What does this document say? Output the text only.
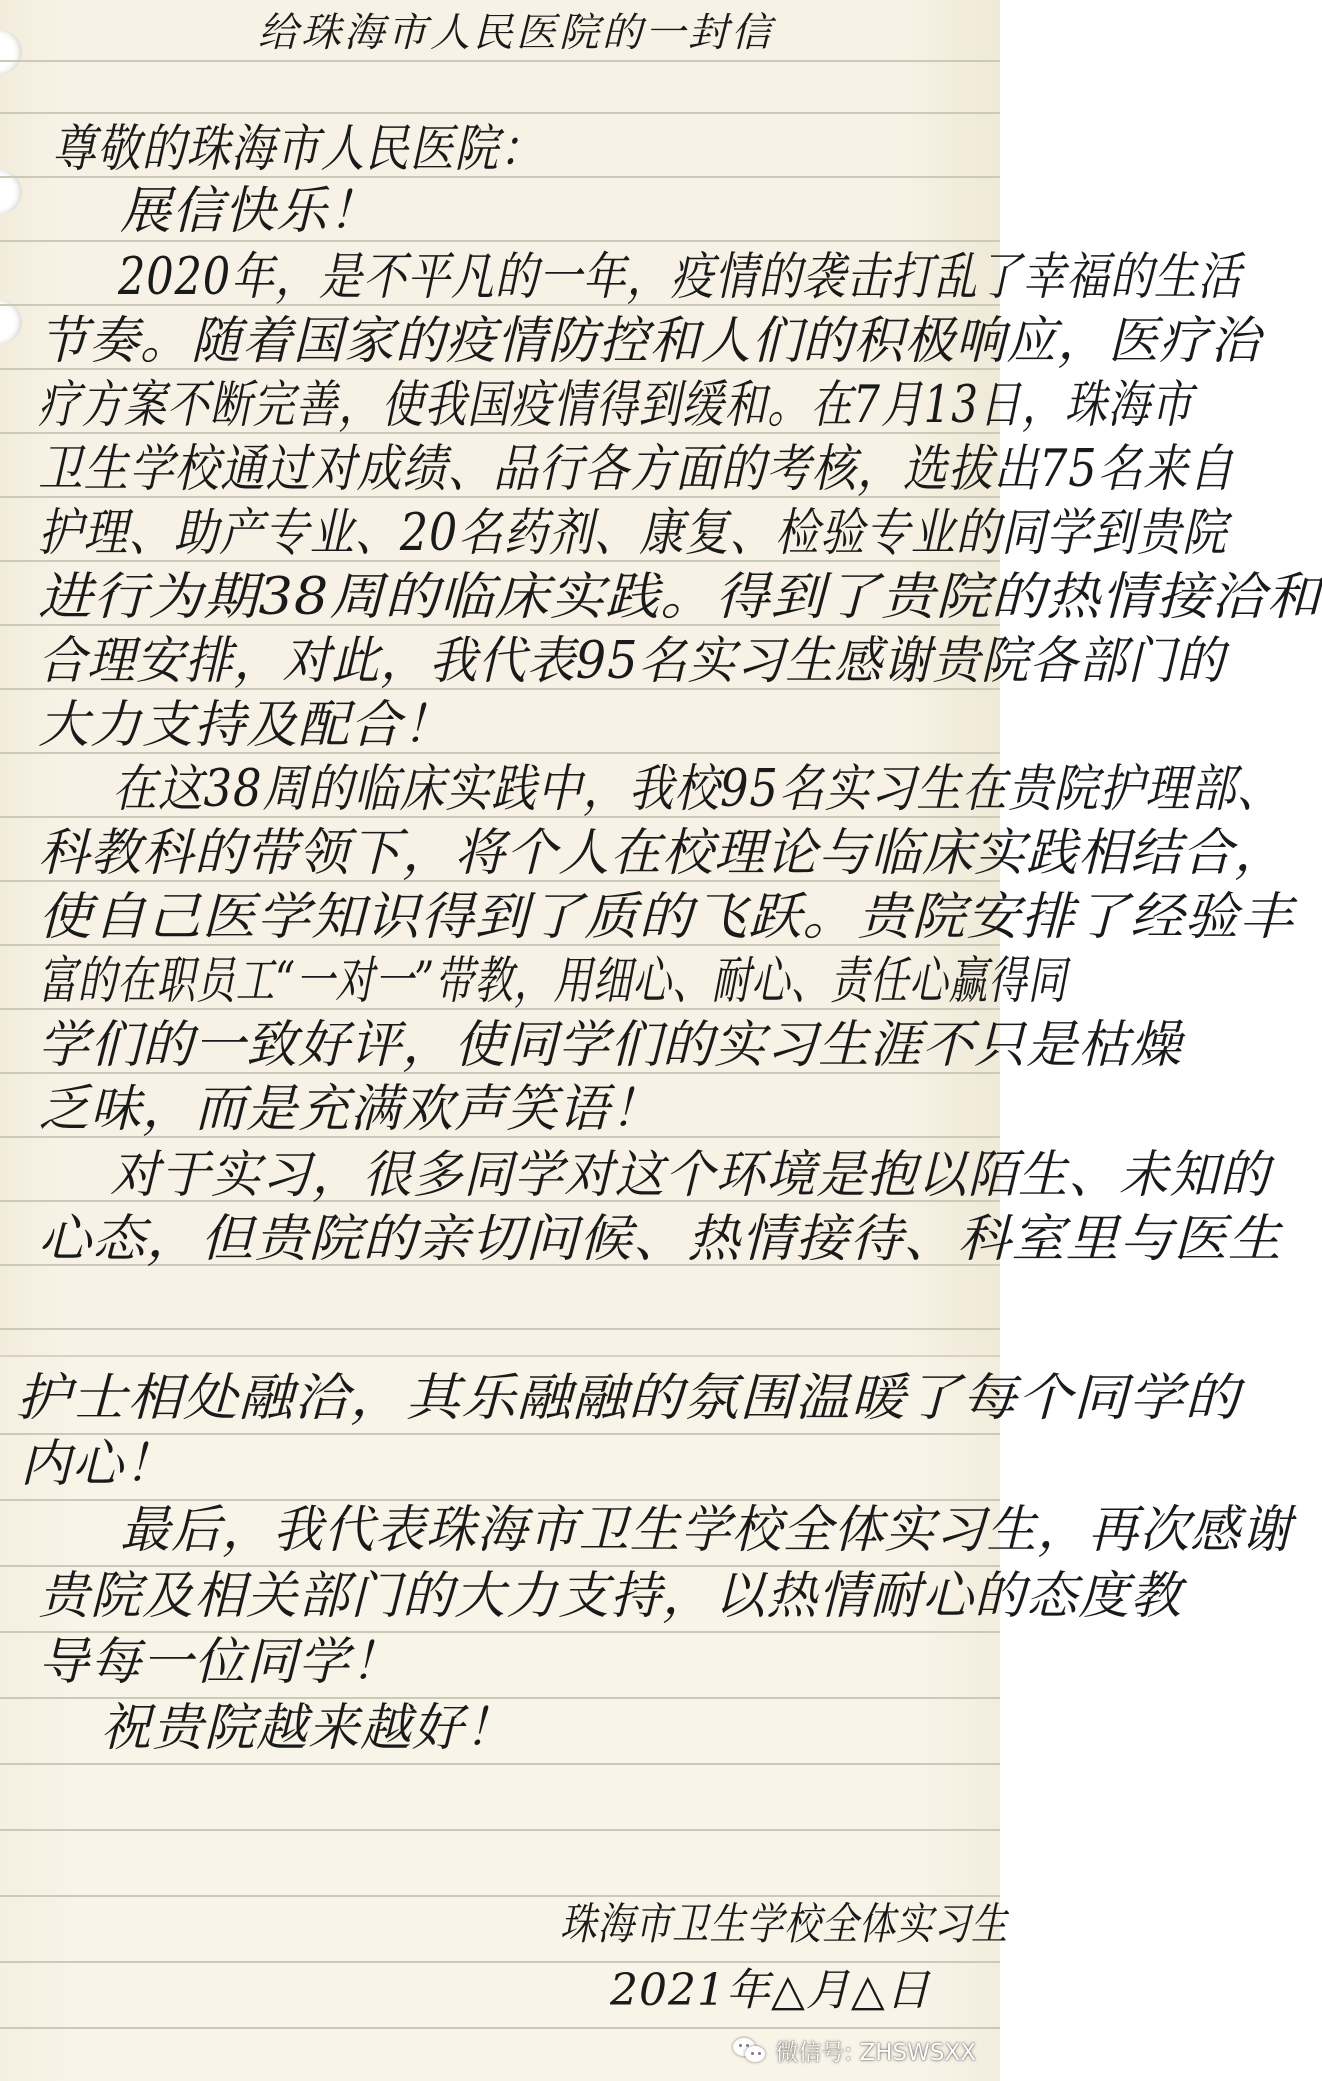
给珠海市人民医院的一封信
尊敬的珠海市人民医院：
展信快乐！
2020年，是不平凡的一年，疫情的袭击打乱了幸福的生活
节奏。随着国家的疫情防控和人们的积极响应，医疗治
疗方案不断完善，使我国疫情得到缓和。在7月13日，珠海市
卫生学校通过对成绩、品行各方面的考核，选拔出75名来自
护理、助产专业、20名药剂、康复、检验专业的同学到贵院
进行为期38周的临床实践。得到了贵院的热情接洽和
合理安排，对此，我代表95名实习生感谢贵院各部门的
大力支持及配合！
在这38周的临床实践中，我校95名实习生在贵院护理部、
科教科的带领下，将个人在校理论与临床实践相结合，
使自己医学知识得到了质的飞跃。贵院安排了经验丰
富的在职员工“一对一”带教，用细心、耐心、责任心赢得同
学们的一致好评，使同学们的实习生涯不只是枯燥
乏味，而是充满欢声笑语！
对于实习，很多同学对这个环境是抱以陌生、未知的
心态，但贵院的亲切问候、热情接待、科室里与医生
护士相处融洽，其乐融融的氛围温暖了每个同学的
内心！
最后，我代表珠海市卫生学校全体实习生，再次感谢
贵院及相关部门的大力支持，以热情耐心的态度教
导每一位同学！
祝贵院越来越好！
珠海市卫生学校全体实习生
2021年△月△日
微信号: ZHSWSXX
